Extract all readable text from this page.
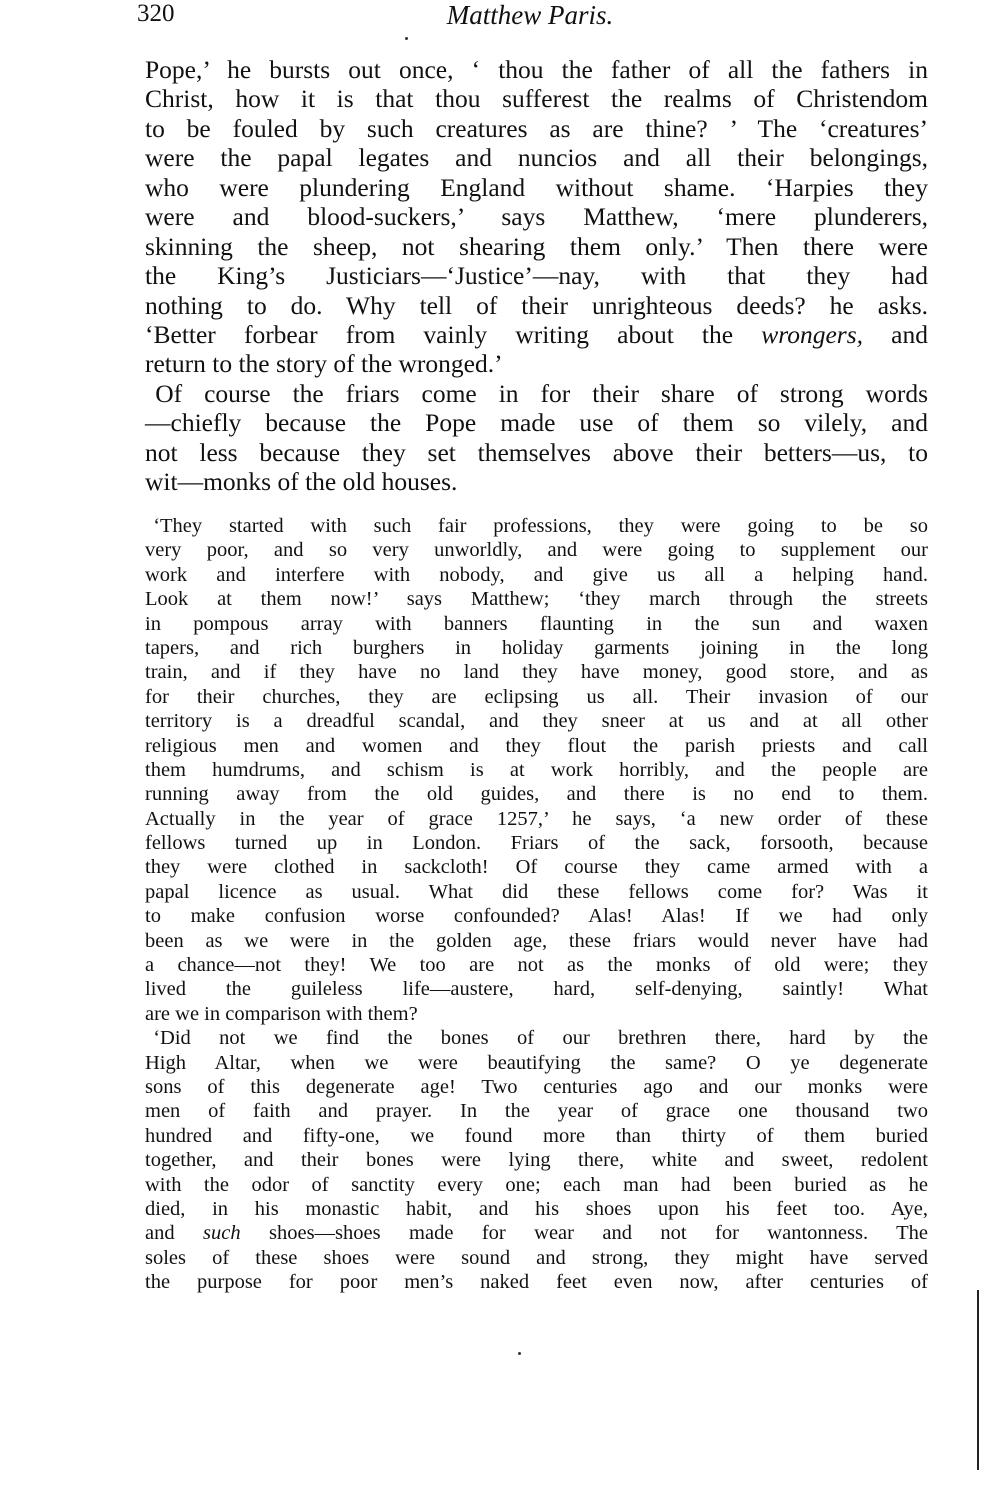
320	Matthew Paris.
Pope,’ he bursts out once, ‘ thou the father of all the fathers in
Christ, how it is that thou sufferest the realms of Christendom
to be fouled by such creatures as are thine? ’ The ‘creatures’
were the papal legates and nuncios and all their belongings,
who were plundering England without shame. ‘Harpies they
were and blood-suckers,’ says Matthew, ‘mere plunderers,
skinning the sheep, not shearing them only.’ Then there were
the King’s Justiciars—‘Justice’—nay, with that they had
nothing to do. Why tell of their unrighteous deeds? he asks.
‘Better forbear from vainly writing about the wrongers, and
return to the story of the wronged.’
Of course the friars come in for their share of strong words
—chiefly because the Pope made use of them so vilely, and
not less because they set themselves above their betters—us, to
wit—monks of the old houses.
‘They started with such fair professions, they were going to be so
very poor, and so very unworldly, and were going to supplement our
work and interfere with nobody, and give us all a helping hand.
Look at them now!’ says Matthew; ‘they march through the streets
in pompous array with banners flaunting in the sun and waxen
tapers, and rich burghers in holiday garments joining in the long
train, and if they have no land they have money, good store, and as
for their churches, they are eclipsing us all. Their invasion of our
territory is a dreadful scandal, and they sneer at us and at all other
religious men and women and they flout the parish priests and call
them humdrums, and schism is at work horribly, and the people are
running away from the old guides, and there is no end to them.
Actually in the year of grace 1257,’ he says, ‘a new order of these
fellows turned up in London. Friars of the sack, forsooth, because
they were clothed in sackcloth! Of course they came armed with a
papal licence as usual. What did these fellows come for? Was it
to make confusion worse confounded? Alas! Alas! If we had only
been as we were in the golden age, these friars would never have had
a chance—not they! We too are not as the monks of old were; they
lived the guileless life—austere, hard, self-denying, saintly! What
are we in comparison with them?
‘Did not we find the bones of our brethren there, hard by the
High Altar, when we were beautifying the same? O ye degenerate
sons of this degenerate age! Two centuries ago and our monks were
men of faith and prayer. In the year of grace one thousand two
hundred and fifty-one, we found more than thirty of them buried
together, and their bones were lying there, white and sweet, redolent
with the odor of sanctity every one; each man had been buried as he
died, in his monastic habit, and his shoes upon his feet too. Aye,
and such shoes—shoes made for wear and not for wantonness. The
soles of these shoes were sound and strong, they might have served
the purpose for poor men’s naked feet even now, after centuries of
